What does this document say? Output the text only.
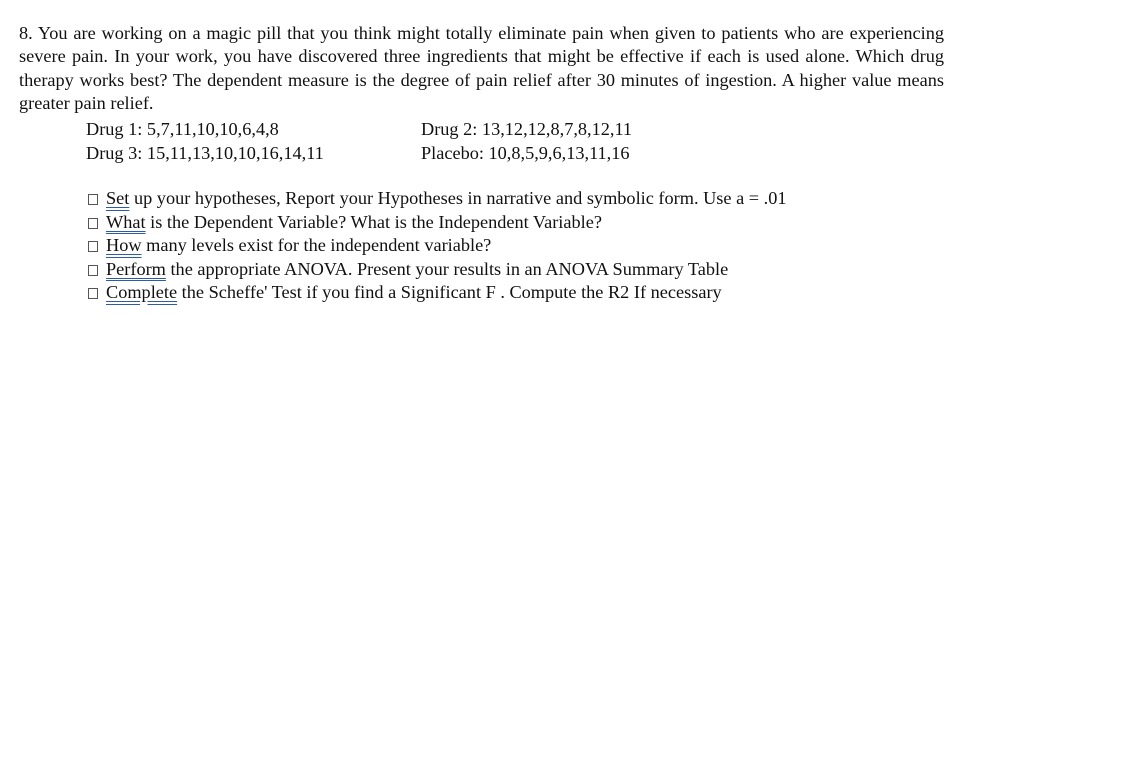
8. You are working on a magic pill that you think might totally eliminate pain when given to patients who are experiencing severe pain. In your work, you have discovered three ingredients that might be effective if each is used alone. Which drug therapy works best? The dependent measure is the degree of pain relief after 30 minutes of ingestion. A higher value means greater pain relief.

Drug 1: 5,7,11,10,10,6,4,8	Drug 2: 13,12,12,8,7,8,12,11
Drug 3: 15,11,13,10,10,16,14,11	Placebo: 10,8,5,9,6,13,11,16
Set up your hypotheses, Report your Hypotheses in narrative and symbolic form. Use a = .01
What is the Dependent Variable? What is the Independent Variable?
How many levels exist for the independent variable?
Perform the appropriate ANOVA. Present your results in an ANOVA Summary Table
Complete the Scheffe' Test if you find a Significant F . Compute the R2 If necessary
